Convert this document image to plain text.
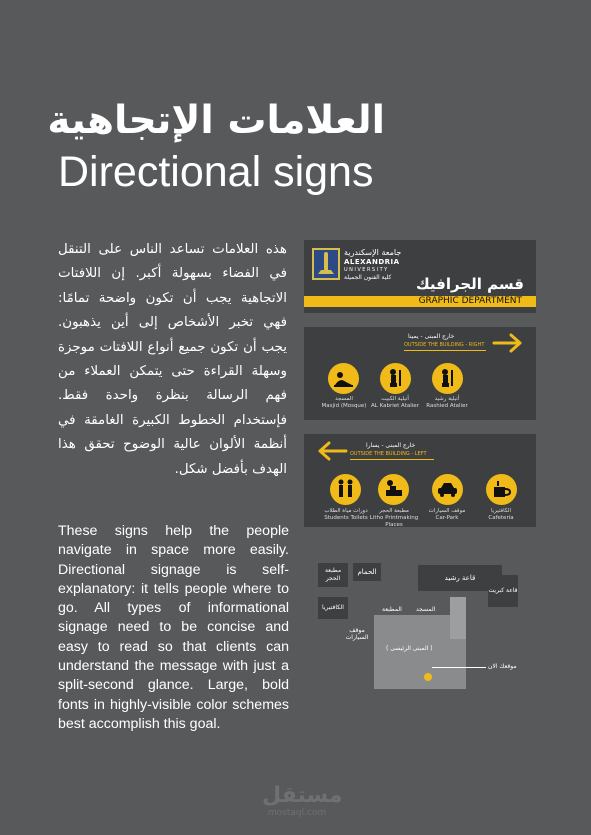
العلامات الإتجاهية
Directional signs
هذه العلامات تساعد الناس على التنقل في الفضاء بسهولة أكبر. إن اللافتات الاتجاهية يجب أن تكون واضحة تمامًا: فهي تخبر الأشخاص إلى أين يذهبون. يجب أن تكون جميع أنواع اللافتات موجزة وسهلة القراءة حتى يتمكن العملاء من فهم الرسالة بنظرة واحدة فقط. فإستخدام الخطوط الكبيرة الغامقة في أنظمة الألوان عالية الوضوح تحقق هذا الهدف بأفضل شكل.
These signs help the people navigate in space more easily. Directional signage is self-explanatory: it tells people where to go. All types of informational signage need to be concise and easy to read so that clients can understand the message with just a split-second glance. Large, bold fonts in highly-visible color schemes best accomplish this goal.
جامعة الإسكندرية
ALEXANDRIA
UNIVERSITY
كلية الفنون الجميلة قسم الجرافيك
GRAPHIC DEPARTMENT
خارج المبنى - يمينا
OUTSIDE THE BUILDING - RIGHT
المسجد
Masjid (Mosque)
أتيلية الكبيت
AL Kabriet Atalier
أتيلية رشيد
Rashied Atalier
خارج المبنى - يسارا
OUTSIDE THE BUILDING - LEFT
دورات مياة الطلاب
Students Toilets
مطبعة الحجر
Litho Printmaking Places
موقف السيارات
Car-Park
الكافتيريا
Cafeteria
مطبعة الحجر
الحمام
قاعة رشيد
قاعة كبريت
الكافتيريا	المطبعة المسجد
موقف السيارات
( المبنى الرئيسى )
موقعك الان
مستقل
mostaql.com
